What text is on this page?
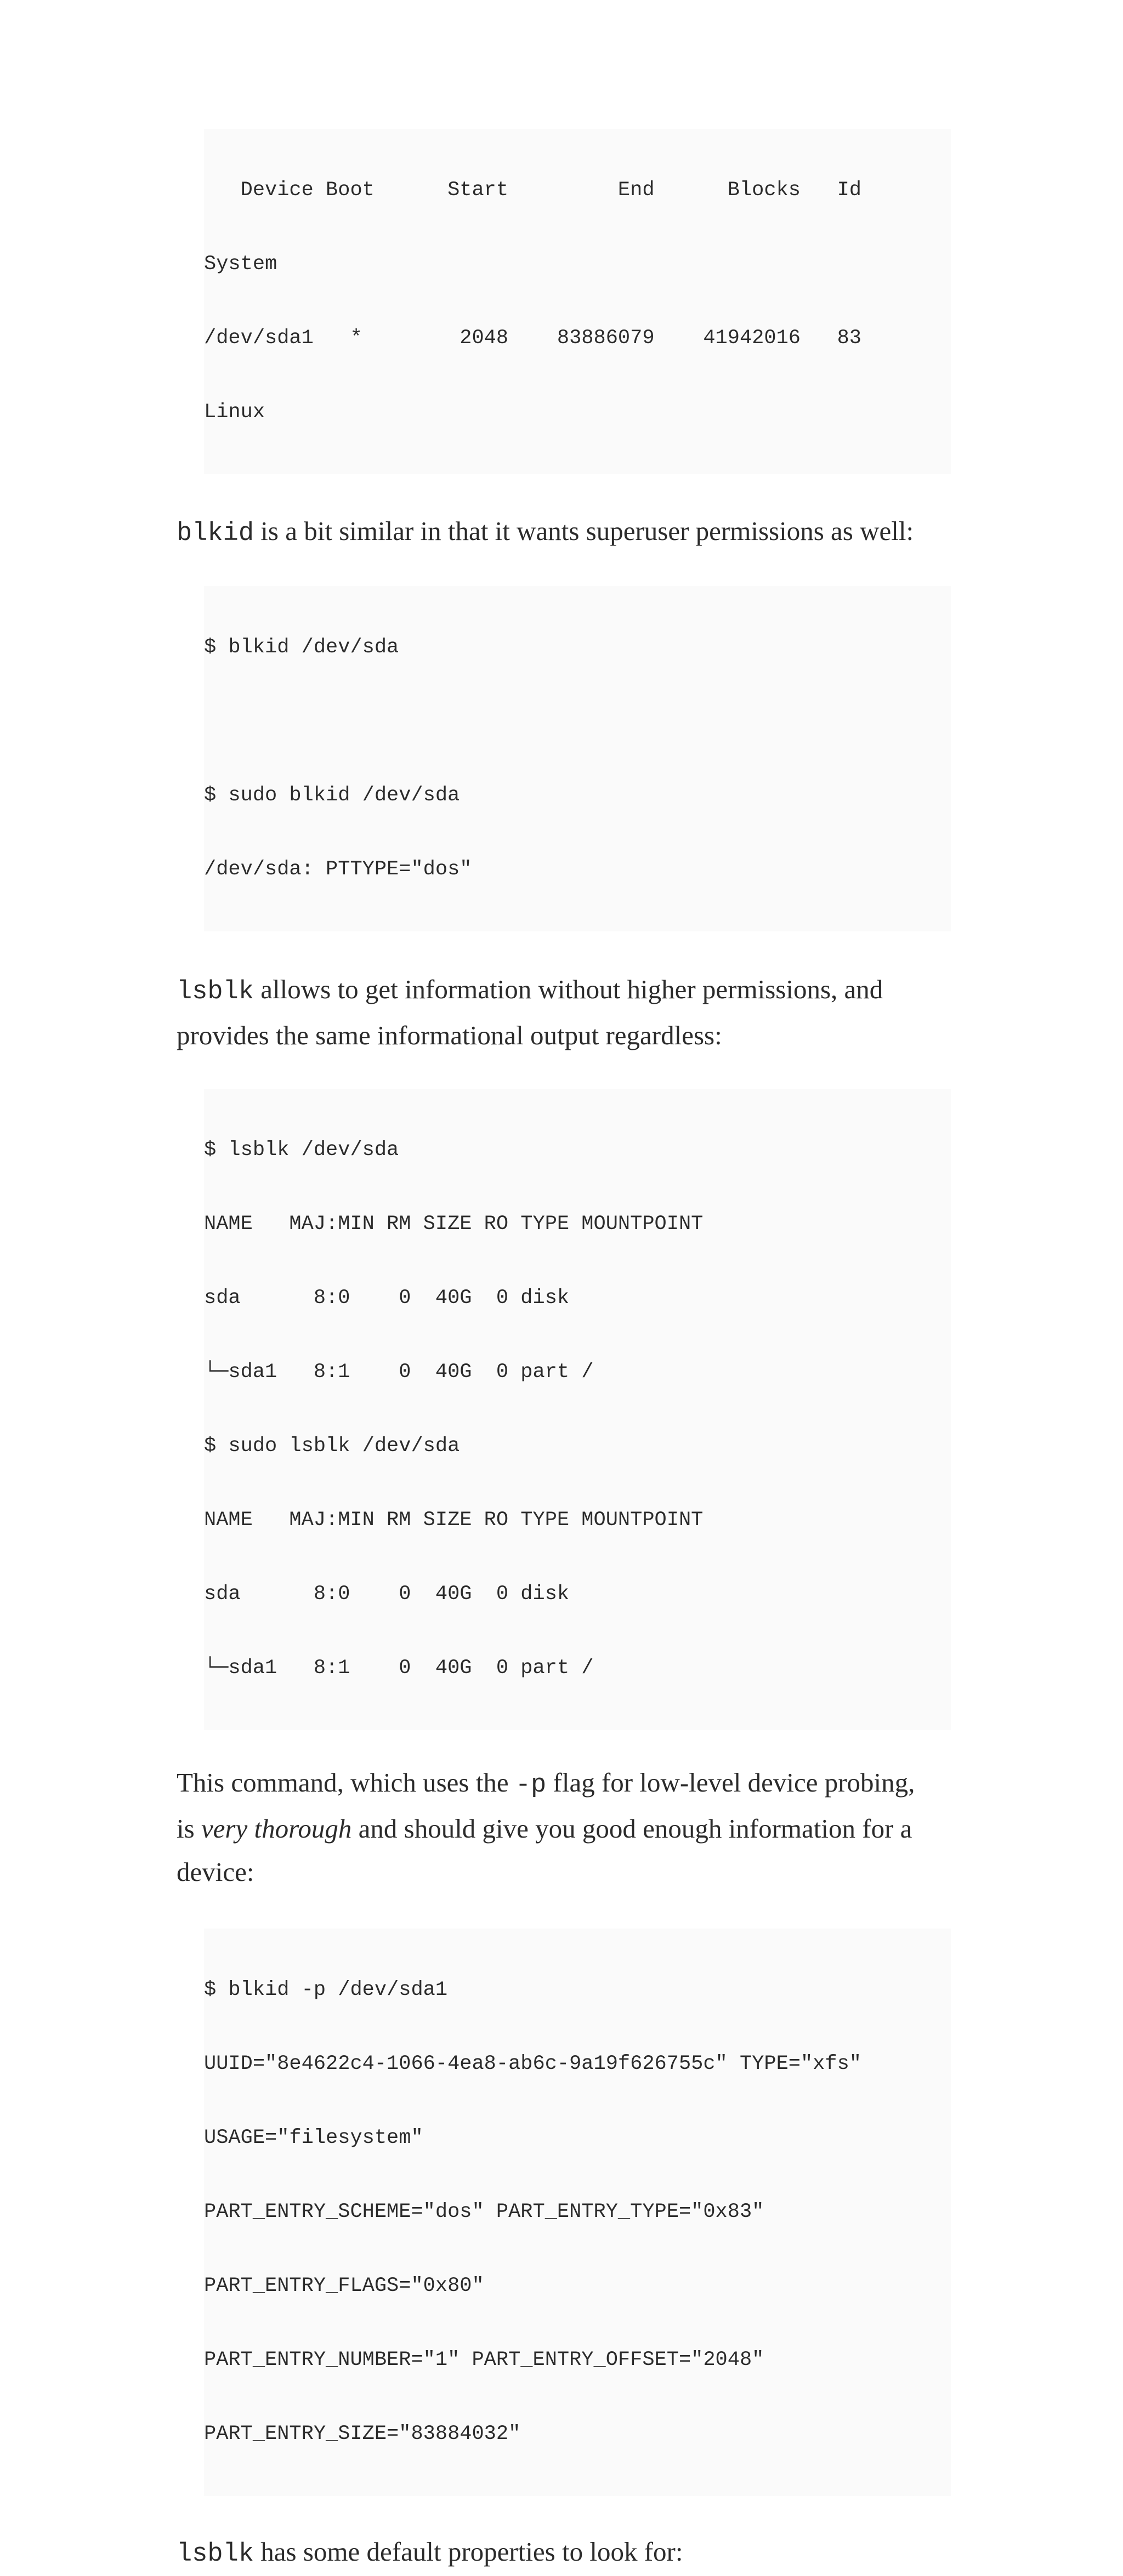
Device Boot      Start         End      Blocks   Id

System

/dev/sda1   *        2048    83886079    41942016   83

Linux

blkid is a bit similar in that it wants superuser permissions as well:

$ blkid /dev/sda

$ sudo blkid /dev/sda

/dev/sda: PTTYPE="dos"

lsblk allows to get information without higher permissions, and
provides the same informational output regardless:

$ lsblk /dev/sda

NAME   MAJ:MIN RM SIZE RO TYPE MOUNTPOINT

sda      8:0    0  40G  0 disk

└─sda1   8:1    0  40G  0 part /

$ sudo lsblk /dev/sda

NAME   MAJ:MIN RM SIZE RO TYPE MOUNTPOINT

sda      8:0    0  40G  0 disk

└─sda1   8:1    0  40G  0 part /

This command, which uses the -p flag for low-level device probing,
is very thorough and should give you good enough information for a
device:

$ blkid -p /dev/sda1

UUID="8e4622c4-1066-4ea8-ab6c-9a19f626755c" TYPE="xfs"

USAGE="filesystem"

PART_ENTRY_SCHEME="dos" PART_ENTRY_TYPE="0x83"

PART_ENTRY_FLAGS="0x80"

PART_ENTRY_NUMBER="1" PART_ENTRY_OFFSET="2048"

PART_ENTRY_SIZE="83884032"

lsblk has some default properties to look for:
